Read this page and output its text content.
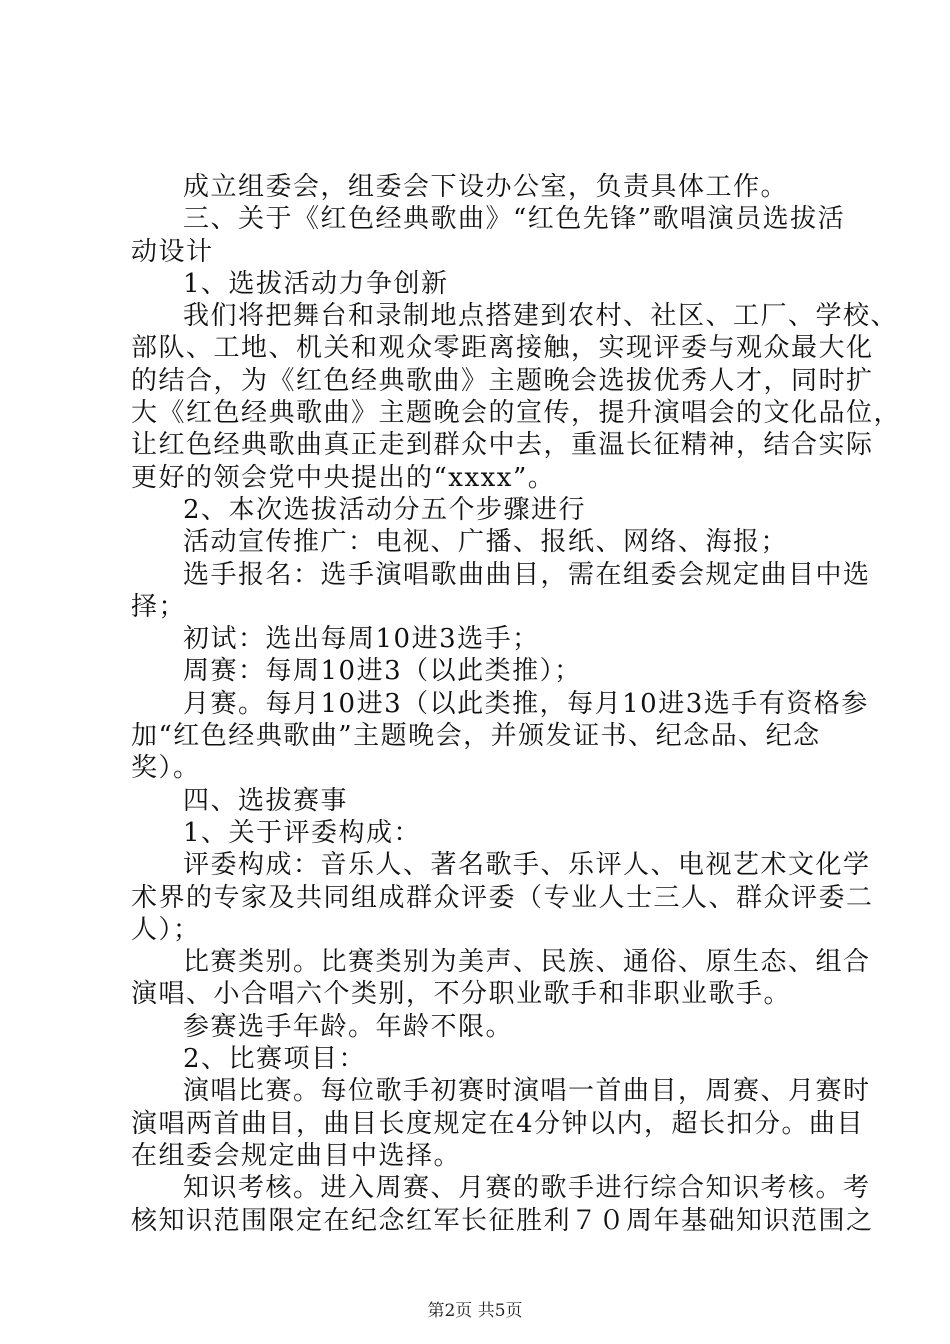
成立组委会，组委会下设办公室，负责具体工作。

三、关于《红色经典歌曲》“红色先锋”歌唱演员选拔活

动设计

1、选拔活动力争创新

我们将把舞台和录制地点搭建到农村、社区、工厂、学校、

部队、工地、机关和观众零距离接触，实现评委与观众最大化

的结合，为《红色经典歌曲》主题晚会选拔优秀人才，同时扩

大《红色经典歌曲》主题晚会的宣传，提升演唱会的文化品位，

让红色经典歌曲真正走到群众中去，重温长征精神，结合实际

更好的领会党中央提出的“xxxx”。

2、本次选拔活动分五个步骤进行

活动宣传推广：电视、广播、报纸、网络、海报；

选手报名：选手演唱歌曲曲目，需在组委会规定曲目中选

择；

初试：选出每周10进3选手；

周赛：每周10进3（以此类推）；

月赛。每月10进3（以此类推，每月10进3选手有资格参

加“红色经典歌曲”主题晚会，并颁发证书、纪念品、纪念

奖）。

四、选拔赛事

1、关于评委构成：

评委构成：音乐人、著名歌手、乐评人、电视艺术文化学

术界的专家及共同组成群众评委（专业人士三人、群众评委二

人）；

比赛类别。比赛类别为美声、民族、通俗、原生态、组合

演唱、小合唱六个类别，不分职业歌手和非职业歌手。

参赛选手年龄。年龄不限。

2、比赛项目：

演唱比赛。每位歌手初赛时演唱一首曲目，周赛、月赛时

演唱两首曲目，曲目长度规定在4分钟以内，超长扣分。曲目

在组委会规定曲目中选择。

知识考核。进入周赛、月赛的歌手进行综合知识考核。考

核知识范围限定在纪念红军长征胜利７０周年基础知识范围之

第2页 共5页
